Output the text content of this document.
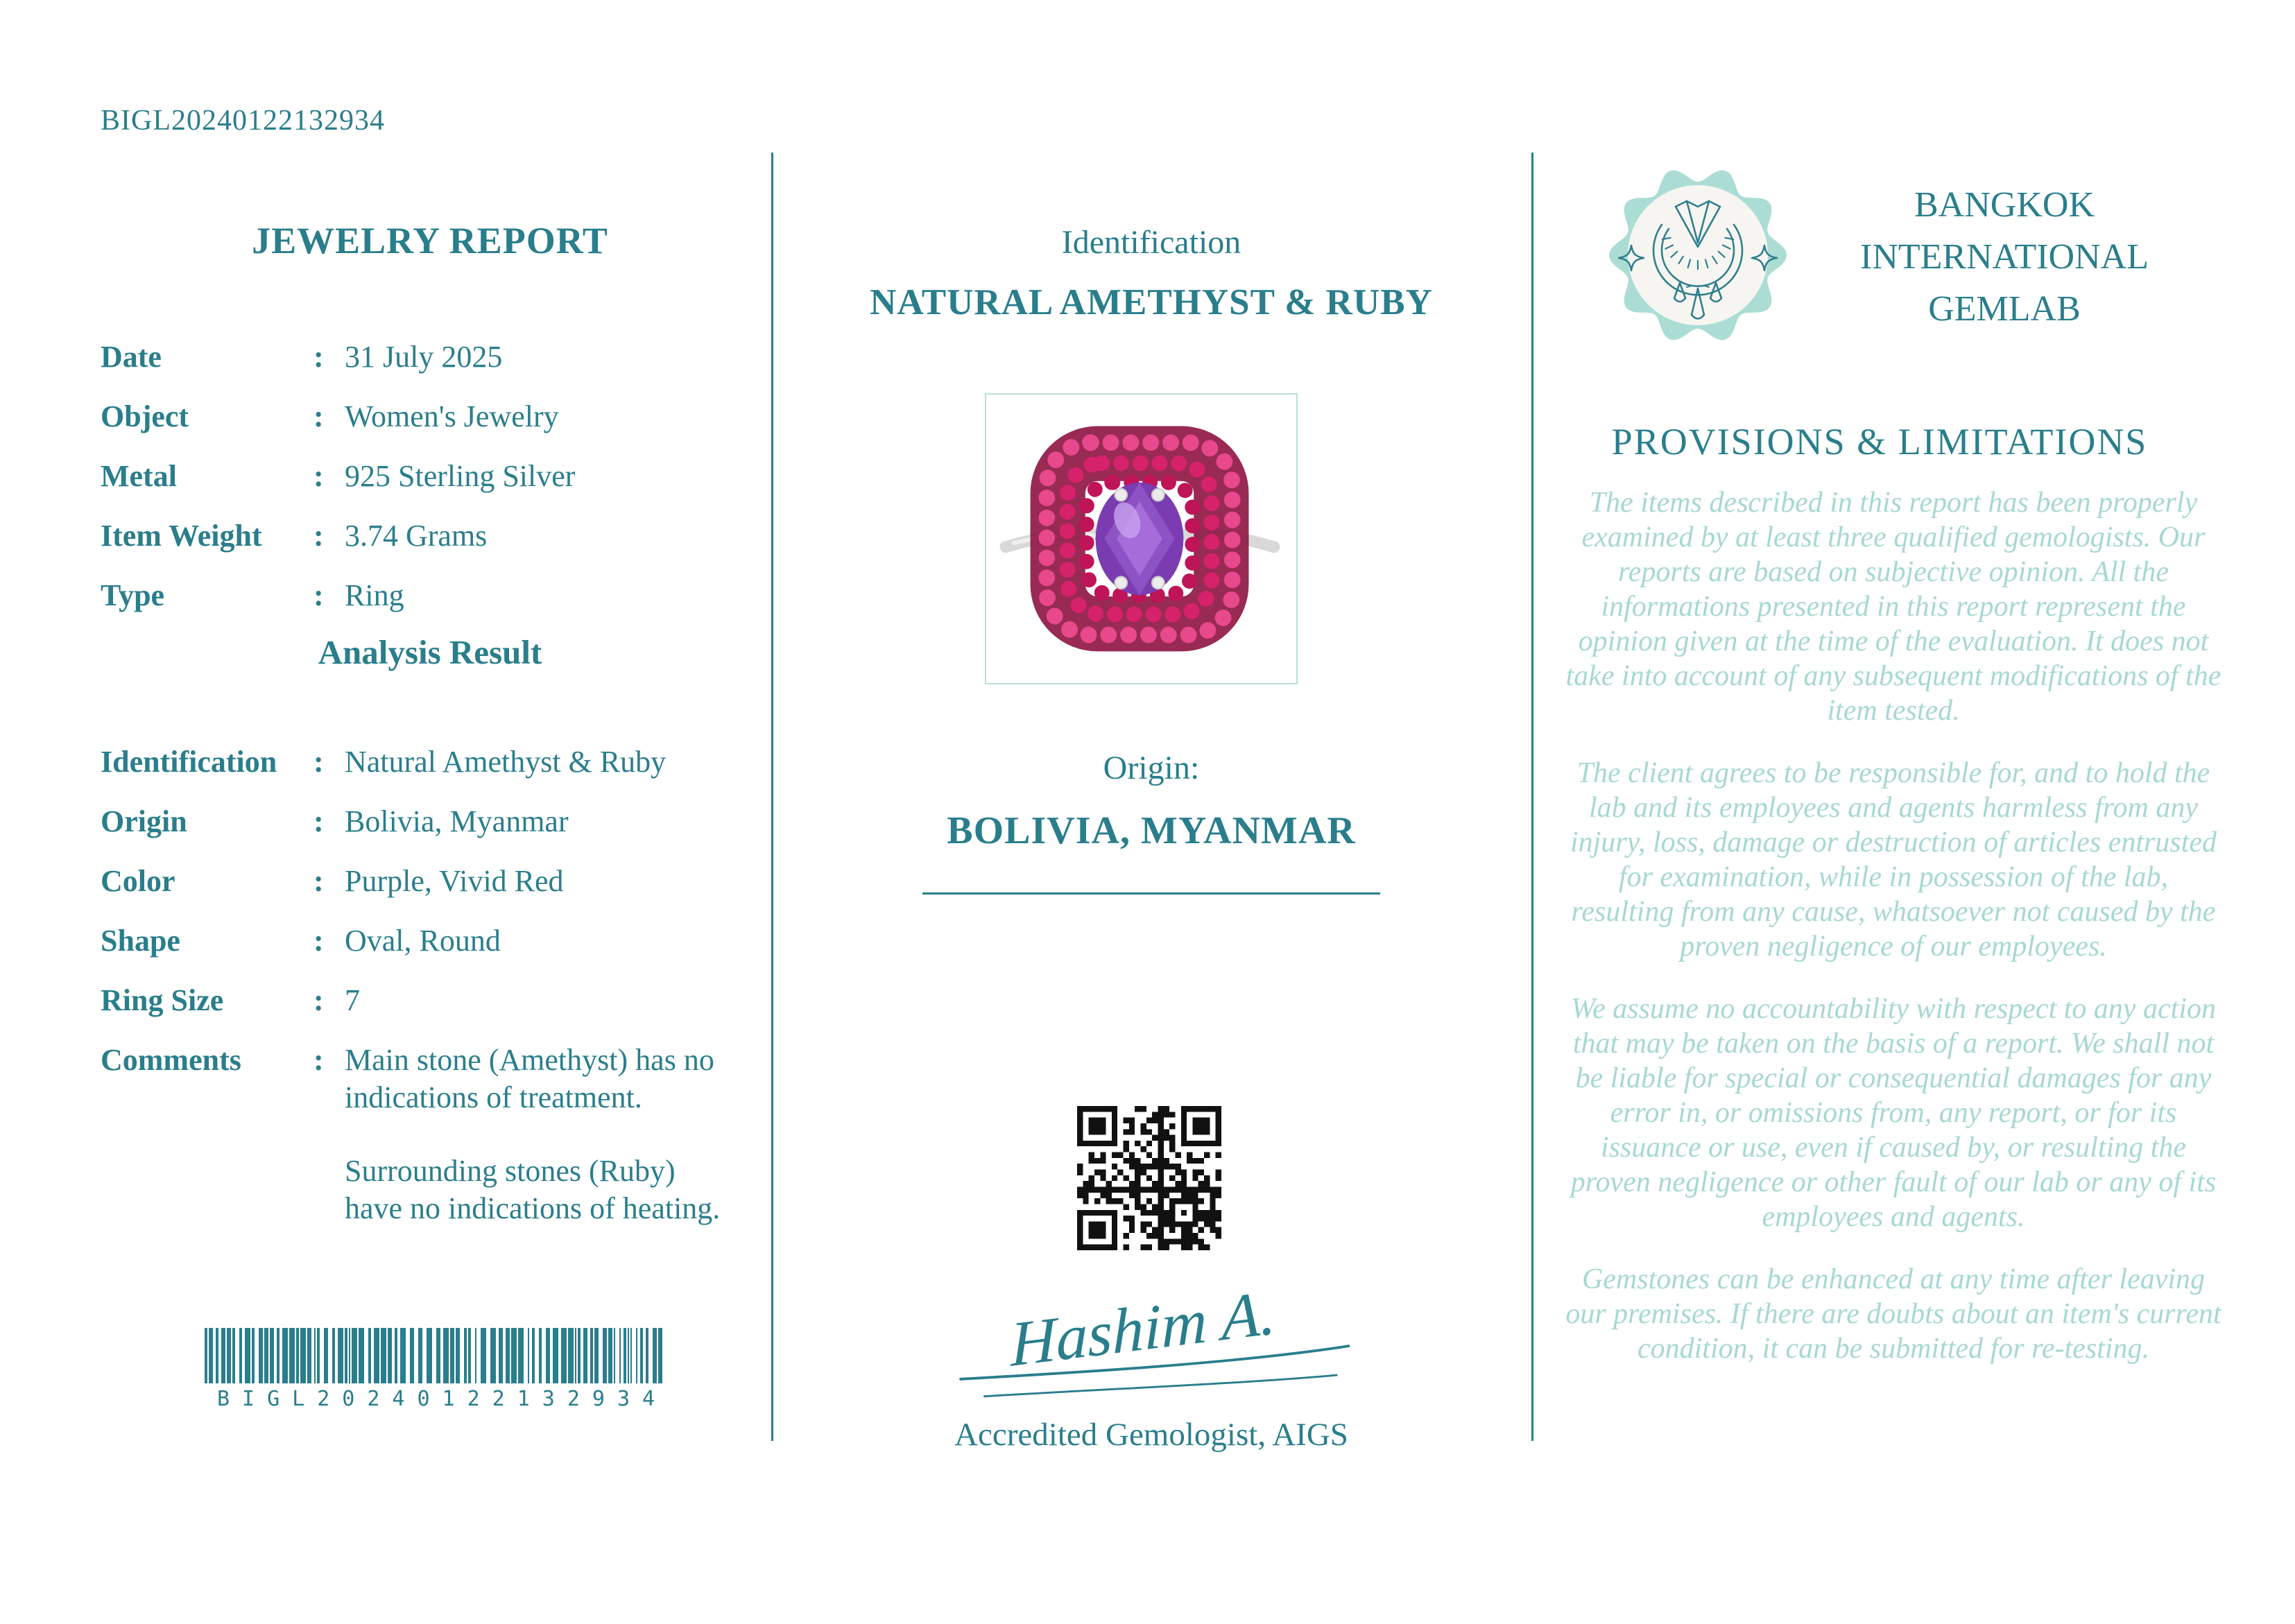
BIGL20240122132934
JEWELRY REPORT
Date	: 31 July 2025
Object	: Women's Jewelry
Metal	: 925 Sterling Silver
Item Weight	: 3.74 Grams
Type	: Ring
Analysis Result
Identification	: Natural Amethyst & Ruby
Origin	: Bolivia, Myanmar
Color	: Purple, Vivid Red
Shape	: Oval, Round
Ring Size	: 7
Comments	: Main stone (Amethyst) has no indications of treatment.
Surrounding stones (Ruby) have no indications of heating.
BIGL20240122132934
Identification
NATURAL AMETHYST & RUBY
Origin:
BOLIVIA, MYANMAR
Hashim A.
Accredited Gemologist, AIGS
BANGKOK
INTERNATIONAL
GEMLAB
PROVISIONS & LIMITATIONS

The items described in this report has been properly examined by at least three qualified gemologists. Our reports are based on subjective opinion. All the informations presented in this report represent the opinion given at the time of the evaluation. It does not take into account of any subsequent modifications of the item tested.

The client agrees to be responsible for, and to hold the lab and its employees and agents harmless from any injury, loss, damage or destruction of articles entrusted for examination, while in possession of the lab, resulting from any cause, whatsoever not caused by the proven negligence of our employees.

We assume no accountability with respect to any action that may be taken on the basis of a report. We shall not be liable for special or consequential damages for any error in, or omissions from, any report, or for its issuance or use, even if caused by, or resulting the proven negligence or other fault of our lab or any of its employees and agents.

Gemstones can be enhanced at any time after leaving our premises. If there are doubts about an item's current condition, it can be submitted for re-testing.
